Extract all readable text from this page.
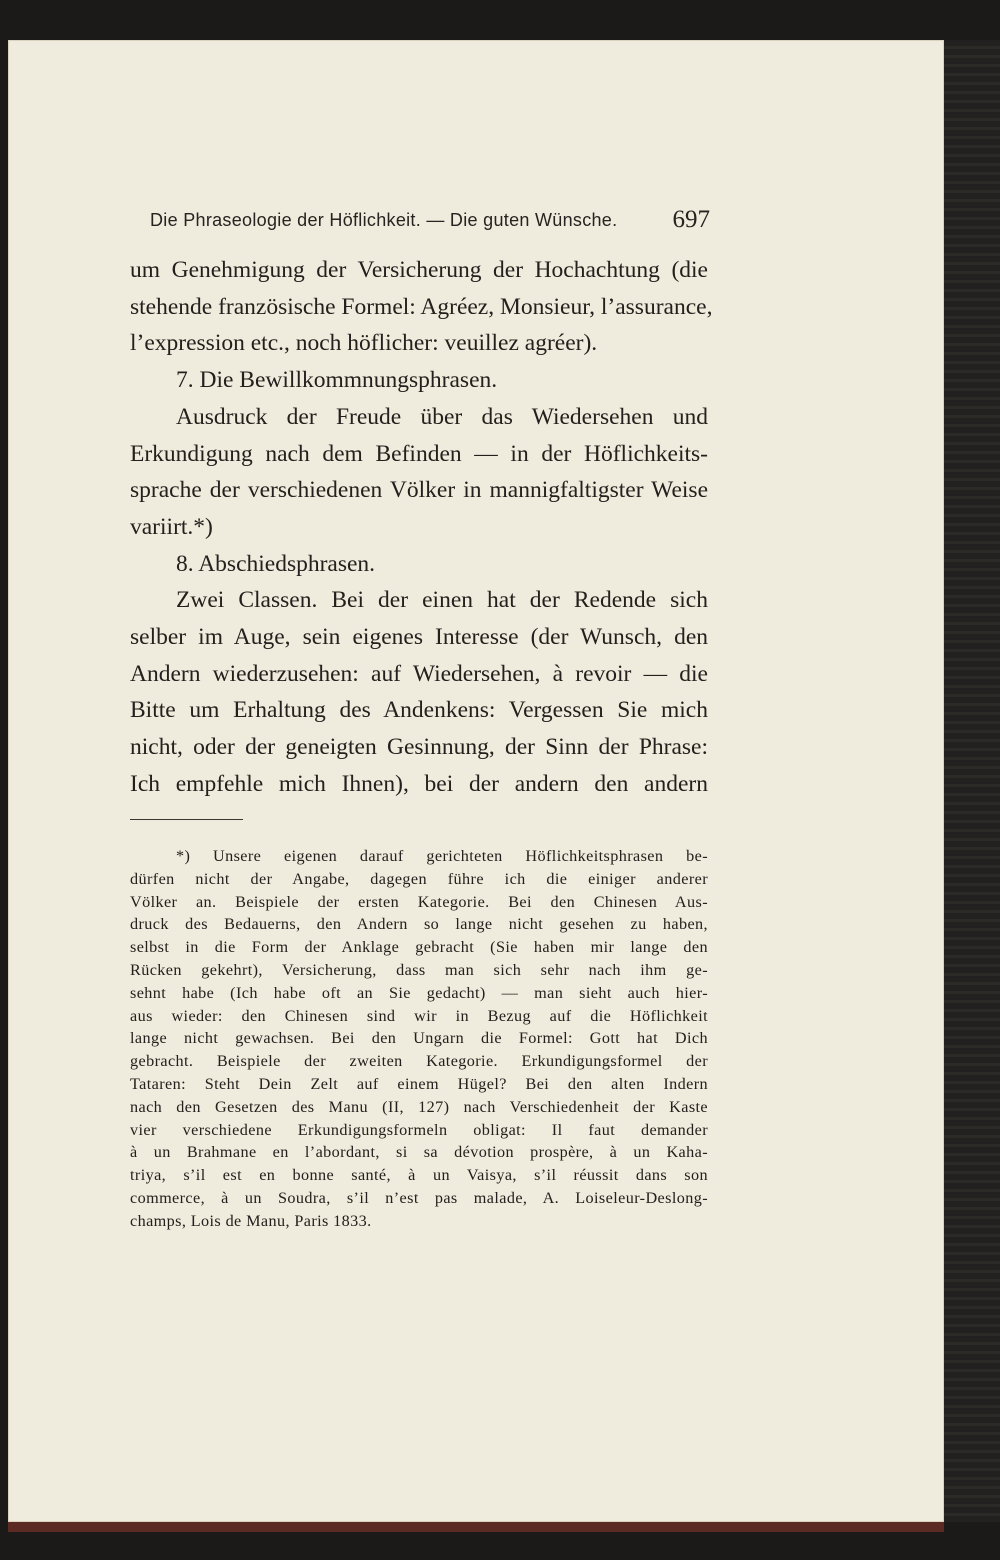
Die Phraseologie der Höflichkeit. — Die guten Wünsche. 697
um Genehmigung der Versicherung der Hochachtung (die
stehende französische Formel: Agréez, Monsieur, l’assurance,
l’expression etc., noch höflicher: veuillez agréer).
7. Die Bewillkommnungsphrasen.
Ausdruck der Freude über das Wiedersehen und
Erkundigung nach dem Befinden — in der Höflichkeits-
sprache der verschiedenen Völker in mannigfaltigster Weise
variirt.*)
8. Abschiedsphrasen.
Zwei Classen. Bei der einen hat der Redende sich
selber im Auge, sein eigenes Interesse (der Wunsch, den
Andern wiederzusehen: auf Wiedersehen, à revoir — die
Bitte um Erhaltung des Andenkens: Vergessen Sie mich
nicht, oder der geneigten Gesinnung, der Sinn der Phrase:
Ich empfehle mich Ihnen), bei der andern den andern
*) Unsere eigenen darauf gerichteten Höflichkeitsphrasen be-
dürfen nicht der Angabe, dagegen führe ich die einiger anderer
Völker an. Beispiele der ersten Kategorie. Bei den Chinesen Aus-
druck des Bedauerns, den Andern so lange nicht gesehen zu haben,
selbst in die Form der Anklage gebracht (Sie haben mir lange den
Rücken gekehrt), Versicherung, dass man sich sehr nach ihm ge-
sehnt habe (Ich habe oft an Sie gedacht) — man sieht auch hier-
aus wieder: den Chinesen sind wir in Bezug auf die Höflichkeit
lange nicht gewachsen. Bei den Ungarn die Formel: Gott hat Dich
gebracht. Beispiele der zweiten Kategorie. Erkundigungsformel der
Tataren: Steht Dein Zelt auf einem Hügel? Bei den alten Indern
nach den Gesetzen des Manu (II, 127) nach Verschiedenheit der Kaste
vier verschiedene Erkundigungsformeln obligat: Il faut demander
à un Brahmane en l’abordant, si sa dévotion prospère, à un Kaha-
triya, s’il est en bonne santé, à un Vaisya, s’il réussit dans son
commerce, à un Soudra, s’il n’est pas malade, A. Loiseleur-Deslong-
champs, Lois de Manu, Paris 1833.
